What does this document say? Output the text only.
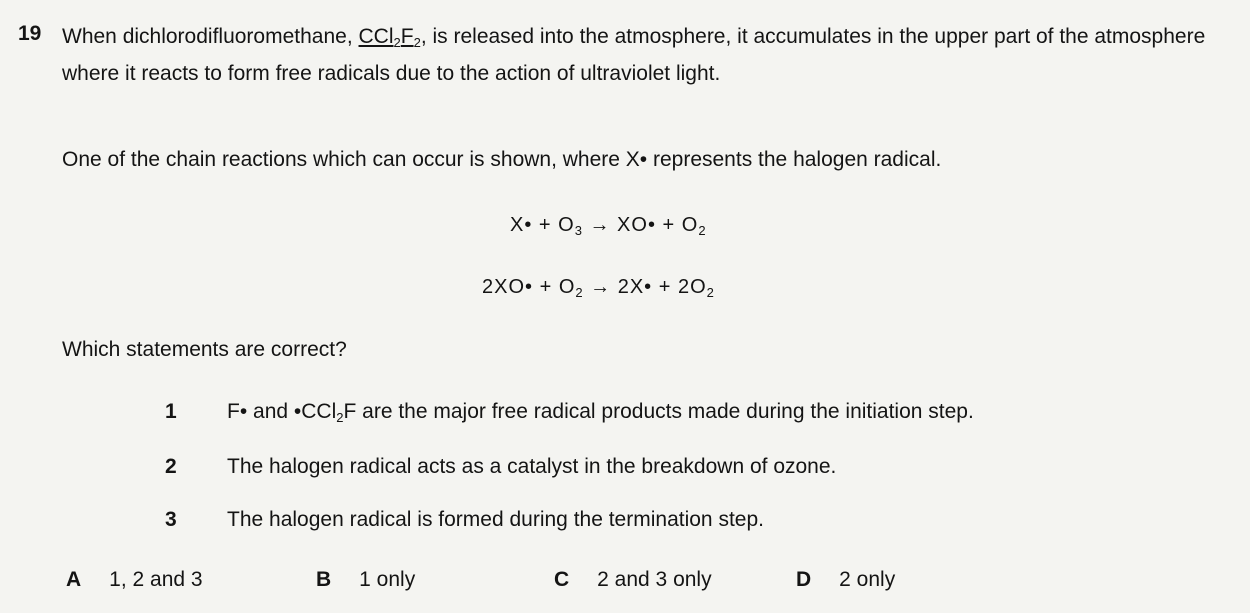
19 When dichlorodifluoromethane, $CCl_2F_2$, is released into the atmosphere, it accumulates in the upper part of the atmosphere where it reacts to form free radicals due to the action of ultraviolet light.
One of the chain reactions which can occur is shown, where X• represents the halogen radical.
X• + $O_3$ → XO• + $O_2$
2XO• + $O_2$ → 2X• + $2O_2$
Which statements are correct?
1	F• and •CCl$_2$F are the major free radical products made during the initiation step.
2	The halogen radical acts as a catalyst in the breakdown of ozone.
3	The halogen radical is formed during the termination step.
A 1, 2 and 3	B 1 only	C 2 and 3 only	D 2 only
